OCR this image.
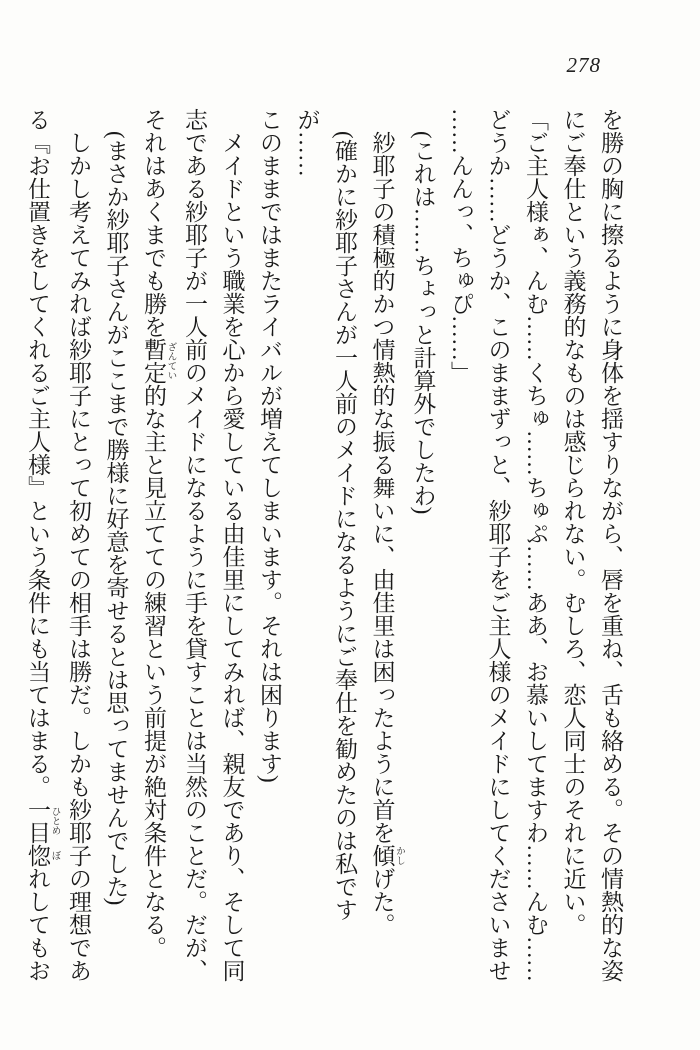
278

を勝の胸に擦るように身体を揺すりながら、唇を重ね、舌も絡める。その情熱的な姿

にご奉仕という義務的なものは感じられない。むしろ、恋人同士のそれに近い。

「ご主人様ぁ、んむ……くちゅ……ちゅぷ……ああ、お慕いしてますわ……んむ……

どうか……どうか、このままずっと、紗耶子をご主人様のメイドにしてくださいませ

……んんっ、ちゅぴ……」

(これは……ちょっと計算外でしたわ)

紗耶子の積極的かつ情熱的な振る舞いに、由佳里は困ったように首を傾 かしげた。

(確かに紗耶子さんが一人前のメイドになるようにご奉仕を勧めたのは私ですが……

このままではまたライバルが増えてしまいます。それは困ります)

メイドという職業を心から愛している由佳里にしてみれば、親友であり、そして同

志である紗耶子が一人前のメイドになるように手を貸すことは当然のことだ。だが、

それはあくまでも勝を暫定 ざんてい的な主と見立てての練習という前提が絶対条件となる。

(まさか紗耶子さんがここまで勝様に好意を寄せるとは思ってませんでした)

しかし考えてみれば紗耶子にとって初めての相手は勝だ。しかも紗耶子の理想であ

る『お仕置きをしてくれるご主人様』という条件にも当てはまる。一目 ひとめ惚 ぼれしてもお
